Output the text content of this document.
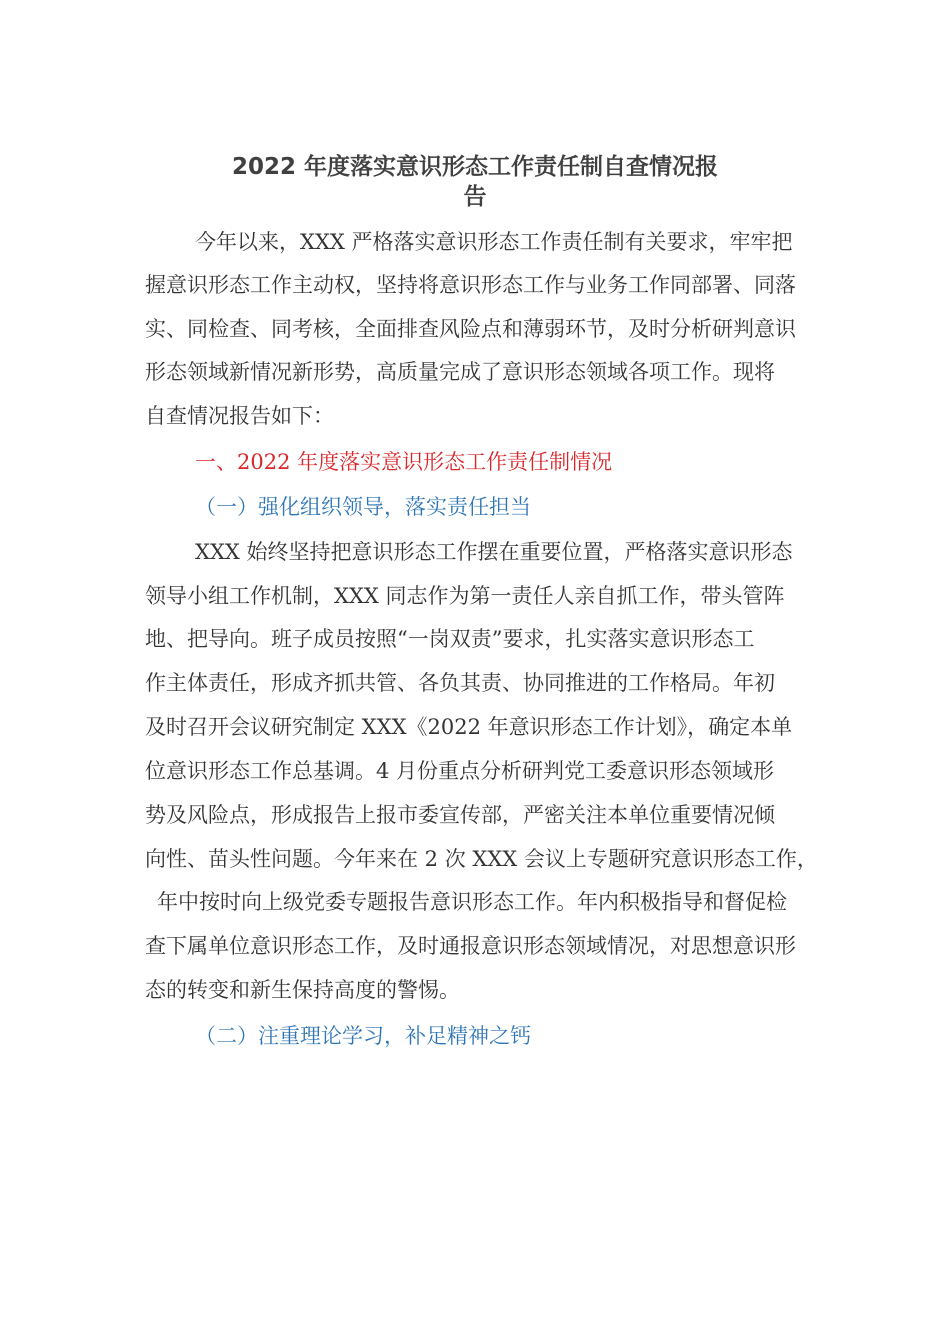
2022 年度落实意识形态工作责任制自查情况报
告
今年以来，XXX 严格落实意识形态工作责任制有关要求，牢牢把
握意识形态工作主动权，坚持将意识形态工作与业务工作同部署、同落
实、同检查、同考核，全面排查风险点和薄弱环节，及时分析研判意识
形态领域新情况新形势，高质量完成了意识形态领域各项工作。现将
自查情况报告如下：
一、2022 年度落实意识形态工作责任制情况
（一）强化组织领导，落实责任担当
XXX 始终坚持把意识形态工作摆在重要位置，严格落实意识形态
领导小组工作机制，XXX 同志作为第一责任人亲自抓工作，带头管阵
地、把导向。班子成员按照“一岗双责”要求，扎实落实意识形态工
作主体责任，形成齐抓共管、各负其责、协同推进的工作格局。年初
及时召开会议研究制定 XXX《2022 年意识形态工作计划》，确定本单
位意识形态工作总基调。4 月份重点分析研判党工委意识形态领域形
势及风险点，形成报告上报市委宣传部，严密关注本单位重要情况倾
向性、苗头性问题。今年来在 2 次 XXX 会议上专题研究意识形态工作，
年中按时向上级党委专题报告意识形态工作。年内积极指导和督促检
查下属单位意识形态工作，及时通报意识形态领域情况，对思想意识形
态的转变和新生保持高度的警惕。
（二）注重理论学习，补足精神之钙
